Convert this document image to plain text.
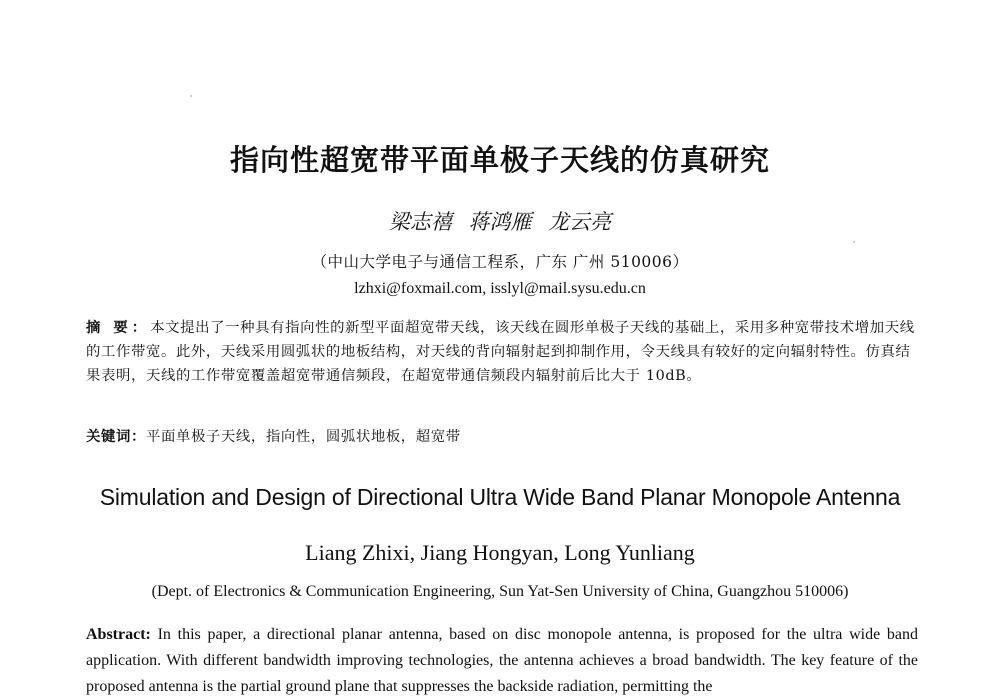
指向性超宽带平面单极子天线的仿真研究
梁志禧 蒋鸿雁 龙云亮
（中山大学电子与通信工程系，广东 广州 510006）
lzhxi@foxmail.com, isslyl@mail.sysu.edu.cn
摘 要：本文提出了一种具有指向性的新型平面超宽带天线，该天线在圆形单极子天线的基础上，采用多种宽带技术增加天线的工作带宽。此外，天线采用圆弧状的地板结构，对天线的背向辐射起到抑制作用，令天线具有较好的定向辐射特性。仿真结果表明，天线的工作带宽覆盖超宽带通信频段，在超宽带通信频段内辐射前后比大于 10dB。
关键词：平面单极子天线，指向性，圆弧状地板，超宽带
Simulation and Design of Directional Ultra Wide Band Planar Monopole Antenna
Liang Zhixi, Jiang Hongyan, Long Yunliang
(Dept. of Electronics & Communication Engineering, Sun Yat-Sen University of China, Guangzhou 510006)
Abstract: In this paper, a directional planar antenna, based on disc monopole antenna, is proposed for the ultra wide band application. With different bandwidth improving technologies, the antenna achieves a broad bandwidth. The key feature of the proposed antenna is the partial ground plane that suppresses the backside radiation, permitting the
